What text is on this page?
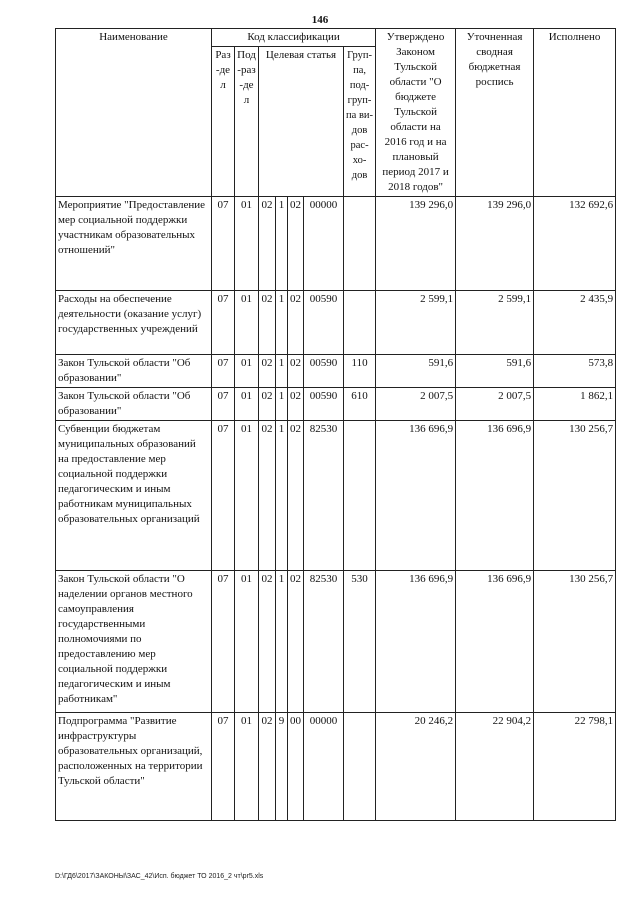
146
Наименование	Код классификации							Утверждено Законом Тульской области "О бюджете Тульской области на 2016 год и на плановый период 2017 и 2018 годов"	Уточненная сводная бюджетная роспись	Исполнено
	Раз-дел	Под-раз-дел	Целевая статья				Груп-па, под-груп-па ви-дов рас-хо-дов			
Мероприятие "Предоставление мер социальной поддержки участникам образовательных отношений"	07	01	02	1	02	00000		139 296,0	139 296,0	132 692,6
Расходы на обеспечение деятельности (оказание услуг) государственных учреждений	07	01	02	1	02	00590		2 599,1	2 599,1	2 435,9
Закон Тульской области "Об образовании"	07	01	02	1	02	00590	110	591,6	591,6	573,8
Закон Тульской области "Об образовании"	07	01	02	1	02	00590	610	2 007,5	2 007,5	1 862,1
Субвенции бюджетам муниципальных образований на предоставление мер социальной поддержки педагогическим и иным работникам муниципальных образовательных организаций	07	01	02	1	02	82530		136 696,9	136 696,9	130 256,7
Закон Тульской области "О наделении органов местного самоуправления государственными полномочиями по предоставлению мер социальной поддержки педагогическим и иным работникам"	07	01	02	1	02	82530	530	136 696,9	136 696,9	130 256,7
Подпрограмма "Развитие инфраструктуры образовательных организаций, расположенных на территории Тульской области"	07	01	02	9	00	00000		20 246,2	22 904,2	22 798,1
D:\ГД6\2017\ЗАКОНЫ\ЗАС_42\Исп. бюджет ТО 2016_2 чт\pr5.xls
